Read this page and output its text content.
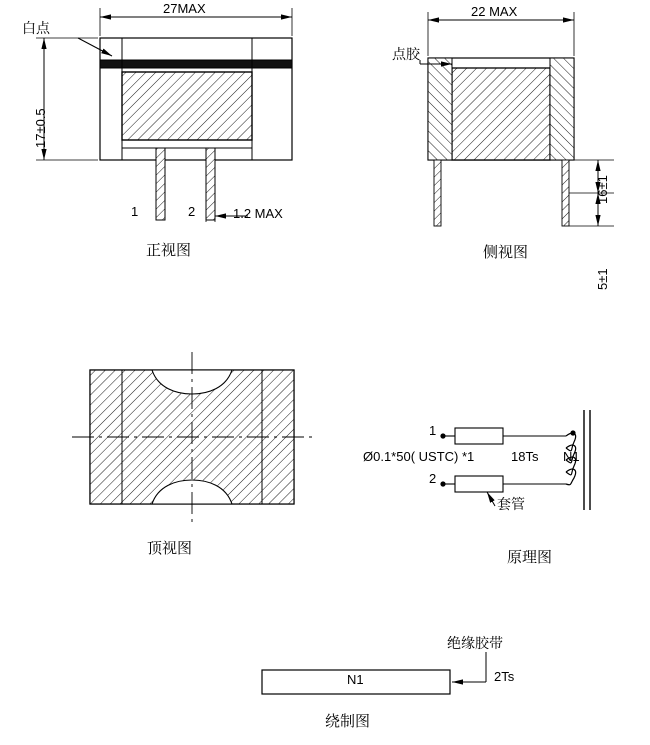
27MAX
17±0.5
白点
1	2	1.2 MAX
正视图
22 MAX
点胶
16±1
5±1
侧视图
顶视图
1
2
Ø0.1*50( USTC) *1	18Ts N1
套管
原理图
绝缘胶带
2Ts
N1
绕制图
